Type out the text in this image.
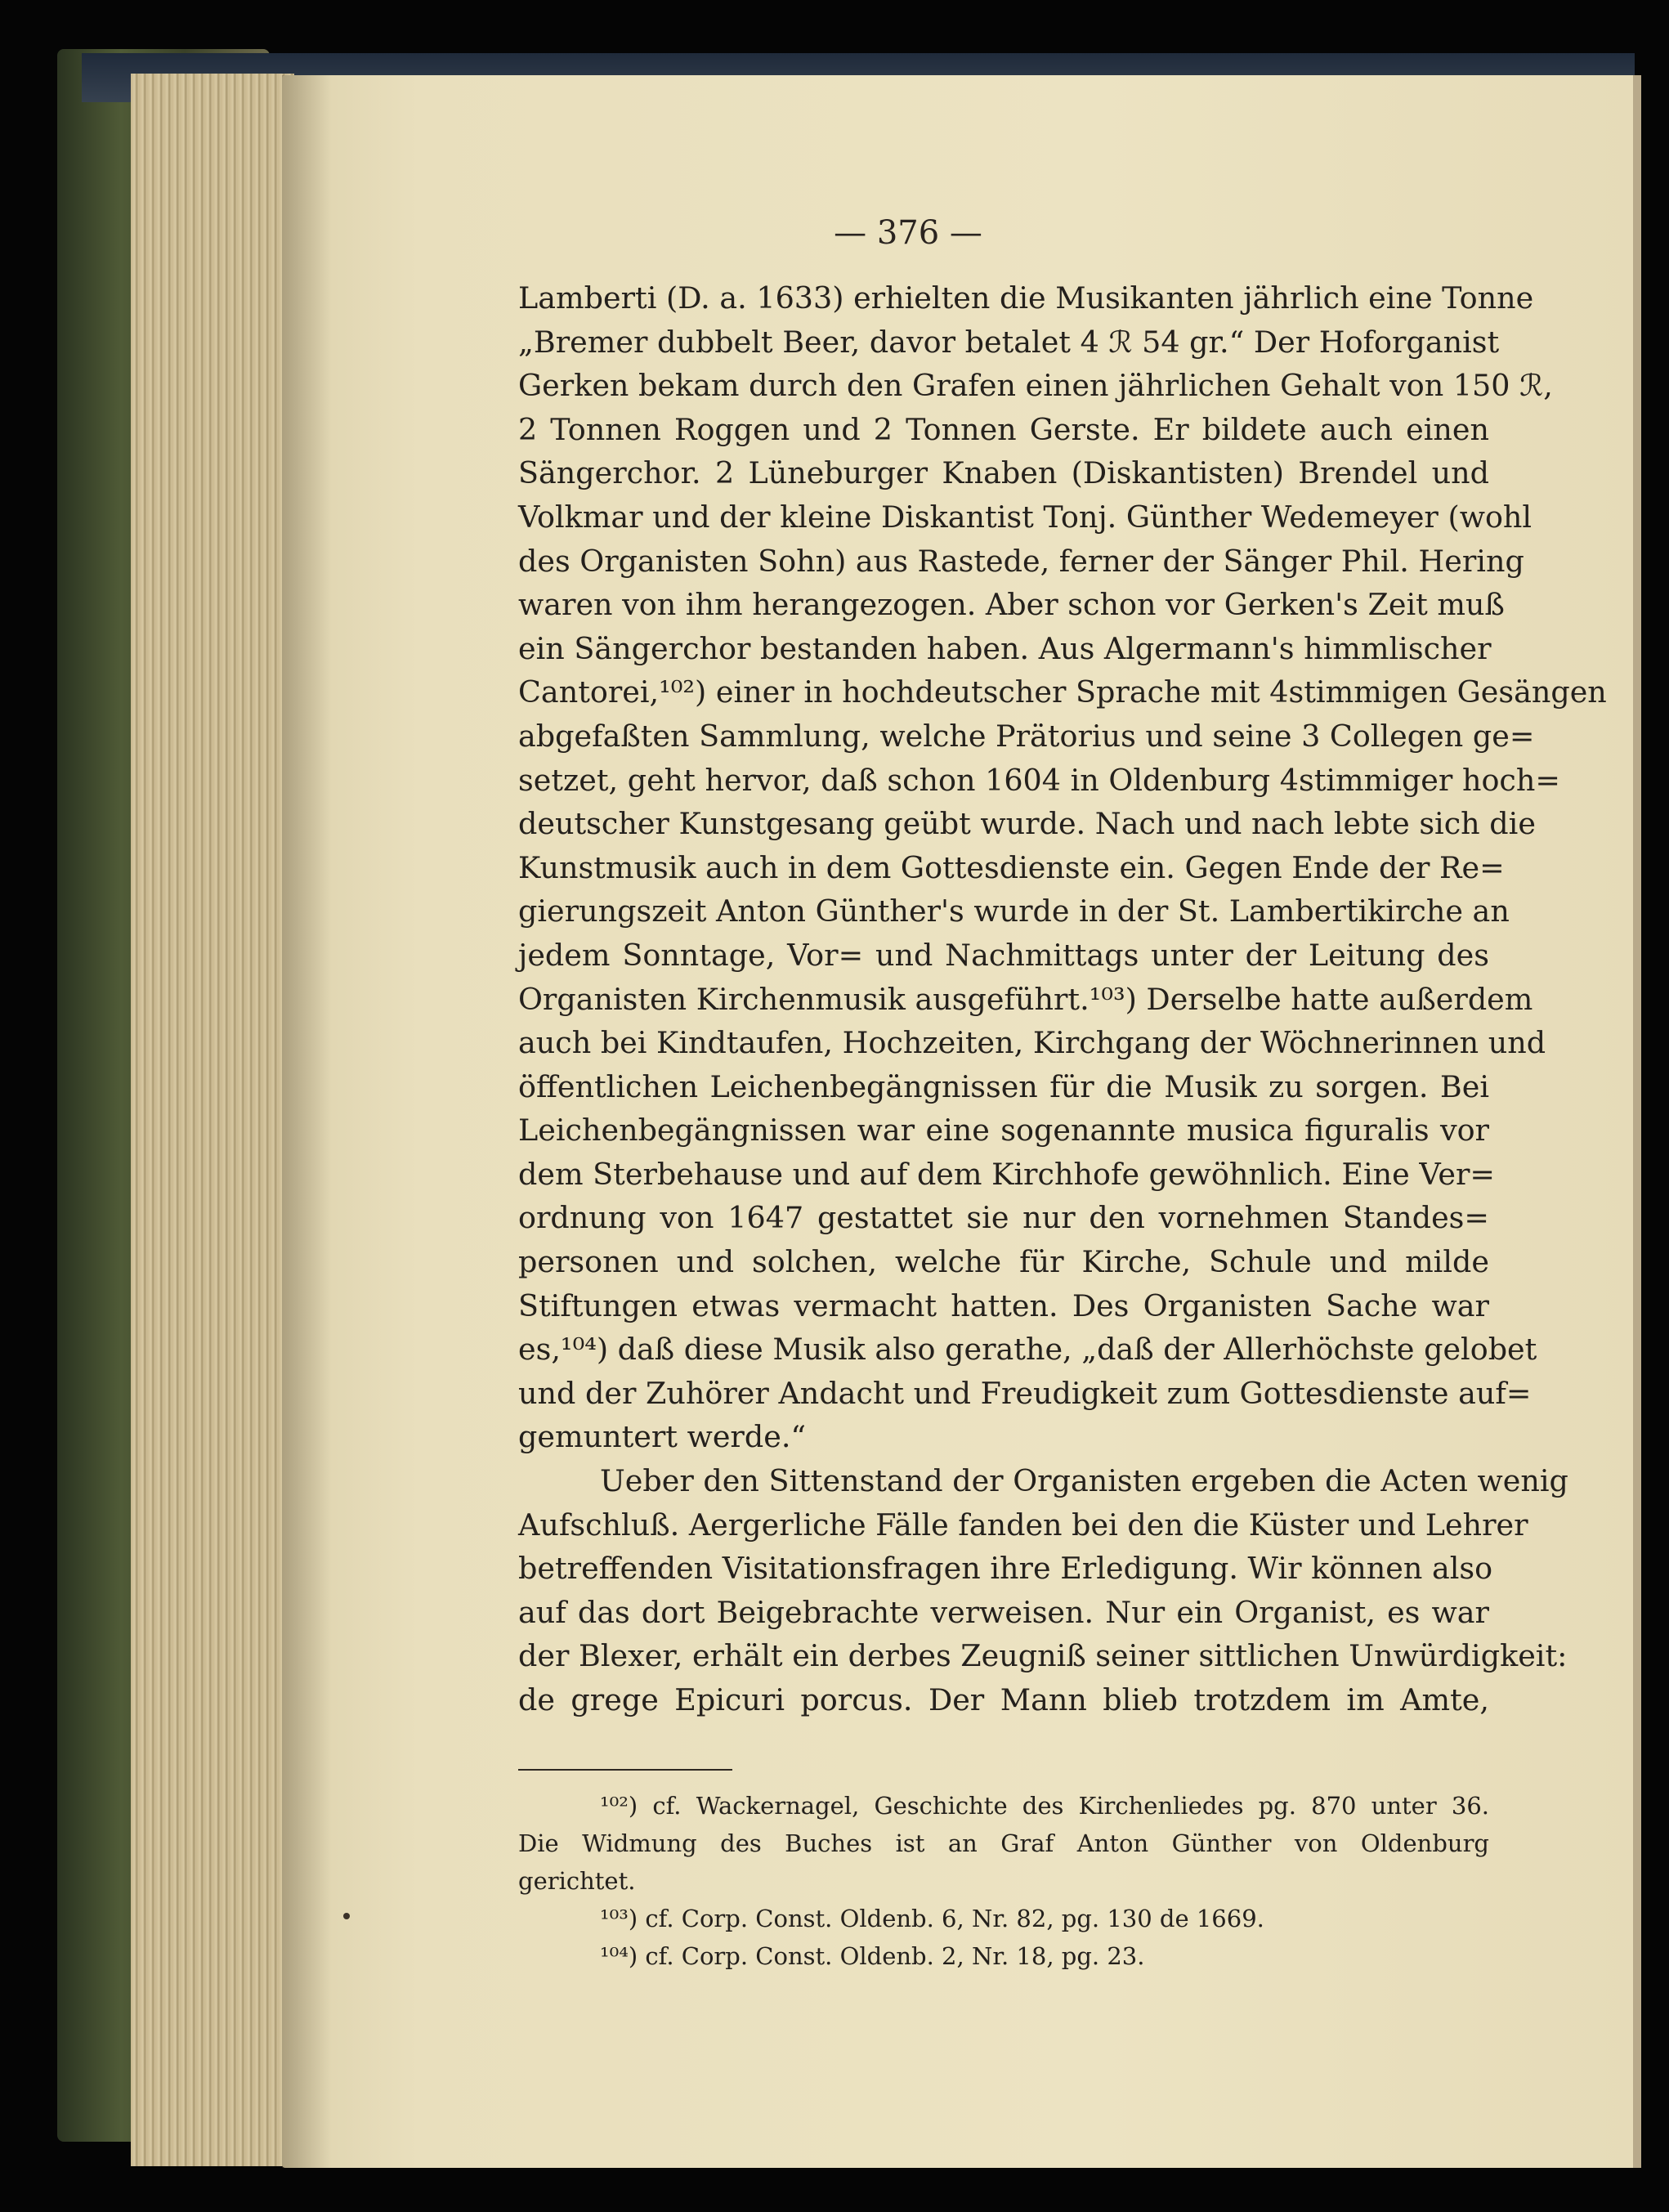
— 376 —
Lamberti (D. a. 1633) erhielten die Musikanten jährlich eine Tonne
„Bremer dubbelt Beer, davor betalet 4 ℛ 54 gr.“ Der Hoforganist
Gerken bekam durch den Grafen einen jährlichen Gehalt von 150 ℛ,
2 Tonnen Roggen und 2 Tonnen Gerste. Er bildete auch einen
Sängerchor. 2 Lüneburger Knaben (Diskantisten) Brendel und
Volkmar und der kleine Diskantist Tonj. Günther Wedemeyer (wohl
des Organisten Sohn) aus Rastede, ferner der Sänger Phil. Hering
waren von ihm herangezogen. Aber schon vor Gerken's Zeit muß
ein Sängerchor bestanden haben. Aus Algermann's himmlischer
Cantorei,¹⁰²) einer in hochdeutscher Sprache mit 4stimmigen Gesängen
abgefaßten Sammlung, welche Prätorius und seine 3 Collegen ge=
setzet, geht hervor, daß schon 1604 in Oldenburg 4stimmiger hoch=
deutscher Kunstgesang geübt wurde. Nach und nach lebte sich die
Kunstmusik auch in dem Gottesdienste ein. Gegen Ende der Re=
gierungszeit Anton Günther's wurde in der St. Lambertikirche an
jedem Sonntage, Vor= und Nachmittags unter der Leitung des
Organisten Kirchenmusik ausgeführt.¹⁰³) Derselbe hatte außerdem
auch bei Kindtaufen, Hochzeiten, Kirchgang der Wöchnerinnen und
öffentlichen Leichenbegängnissen für die Musik zu sorgen. Bei
Leichenbegängnissen war eine sogenannte musica figuralis vor
dem Sterbehause und auf dem Kirchhofe gewöhnlich. Eine Ver=
ordnung von 1647 gestattet sie nur den vornehmen Standes=
personen und solchen, welche für Kirche, Schule und milde
Stiftungen etwas vermacht hatten. Des Organisten Sache war
es,¹⁰⁴) daß diese Musik also gerathe, „daß der Allerhöchste gelobet
und der Zuhörer Andacht und Freudigkeit zum Gottesdienste auf=
gemuntert werde.“
Ueber den Sittenstand der Organisten ergeben die Acten wenig
Aufschluß. Aergerliche Fälle fanden bei den die Küster und Lehrer
betreffenden Visitationsfragen ihre Erledigung. Wir können also
auf das dort Beigebrachte verweisen. Nur ein Organist, es war
der Blexer, erhält ein derbes Zeugniß seiner sittlichen Unwürdigkeit:
de grege Epicuri porcus. Der Mann blieb trotzdem im Amte,
¹⁰²) cf. Wackernagel, Geschichte des Kirchenliedes pg. 870 unter 36.
Die Widmung des Buches ist an Graf Anton Günther von Oldenburg
gerichtet.
¹⁰³) cf. Corp. Const. Oldenb. 6, Nr. 82, pg. 130 de 1669.
¹⁰⁴) cf. Corp. Const. Oldenb. 2, Nr. 18, pg. 23.
